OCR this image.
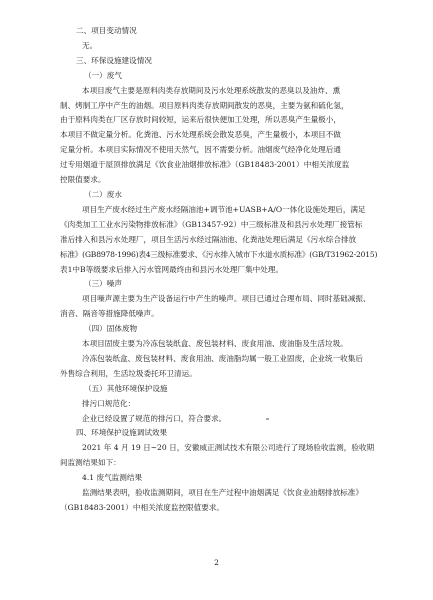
二、项目变动情况

无。

三、环保设施建设情况

（一）废气

本项目废气主要是原料肉类存放期间及污水处理系统散发的恶臭以及油炸、熏

制、烤制工序中产生的油烟。项目原料肉类存放期间散发的恶臭，主要为氨和硫化氢，

由于原料肉类在厂区存放时间较短，运来后很快便加工处理，所以恶臭产生量极小，

本项目不做定量分析。化粪池、污水处理系统会散发恶臭，产生量极小，本项目不做

定量分析。本项目实际情况不使用天然气，因不需要分析。油烟废气经净化处理后通

过专用烟道于屋顶排放满足《饮食业油烟排放标准》（GB18483-2001）中相关浓度监

控限值要求。

（二）废水

项目生产废水经过生产废水经隔油池+调节池+UASB+A/O一体化设施处理后，满足

《肉类加工工业水污染物排放标准》（GB13457-92）中三级标准及和县污水处理厂接管标

准后排入和县污水处理厂，项目生活污水经过隔油池、化粪池处理后满足《污水综合排放

标准》(GB8978-1996)表4三级标准要求、《污水排入城市下水道水质标准》(GB/T31962-2015)

表1中B等级要求后排入污水管网最终由和县污水处理厂集中处理。

（三）噪声

项目噪声源主要为生产设备运行中产生的噪声。项目已通过合理布局、同时基础减振、

消音、隔音等措施降低噪声。

（四）固体废物

本项目固废主要为冷冻包装纸盒、废包装材料、废食用油、废油脂及生活垃圾。

冷冻包装纸盒、废包装材料、废食用油、废油脂均属一般工业固废，企业统一收集后

外售综合利用，生活垃圾委托环卫清运。

（五）其他环境保护设施

排污口规范化：

企业已经设置了规范的排污口，符合要求。

四、环境保护设施调试效果

2021 年 4 月 19 日~20 日，安徽威正测试技术有限公司进行了现场验收监测，验收期

间监测结果如下：

4.1 废气监测结果

监测结果表明，验收监测期间，项目在生产过程中油烟满足《饮食业油烟排放标准》

（GB18483-2001）中相关浓度监控限值要求。

2
